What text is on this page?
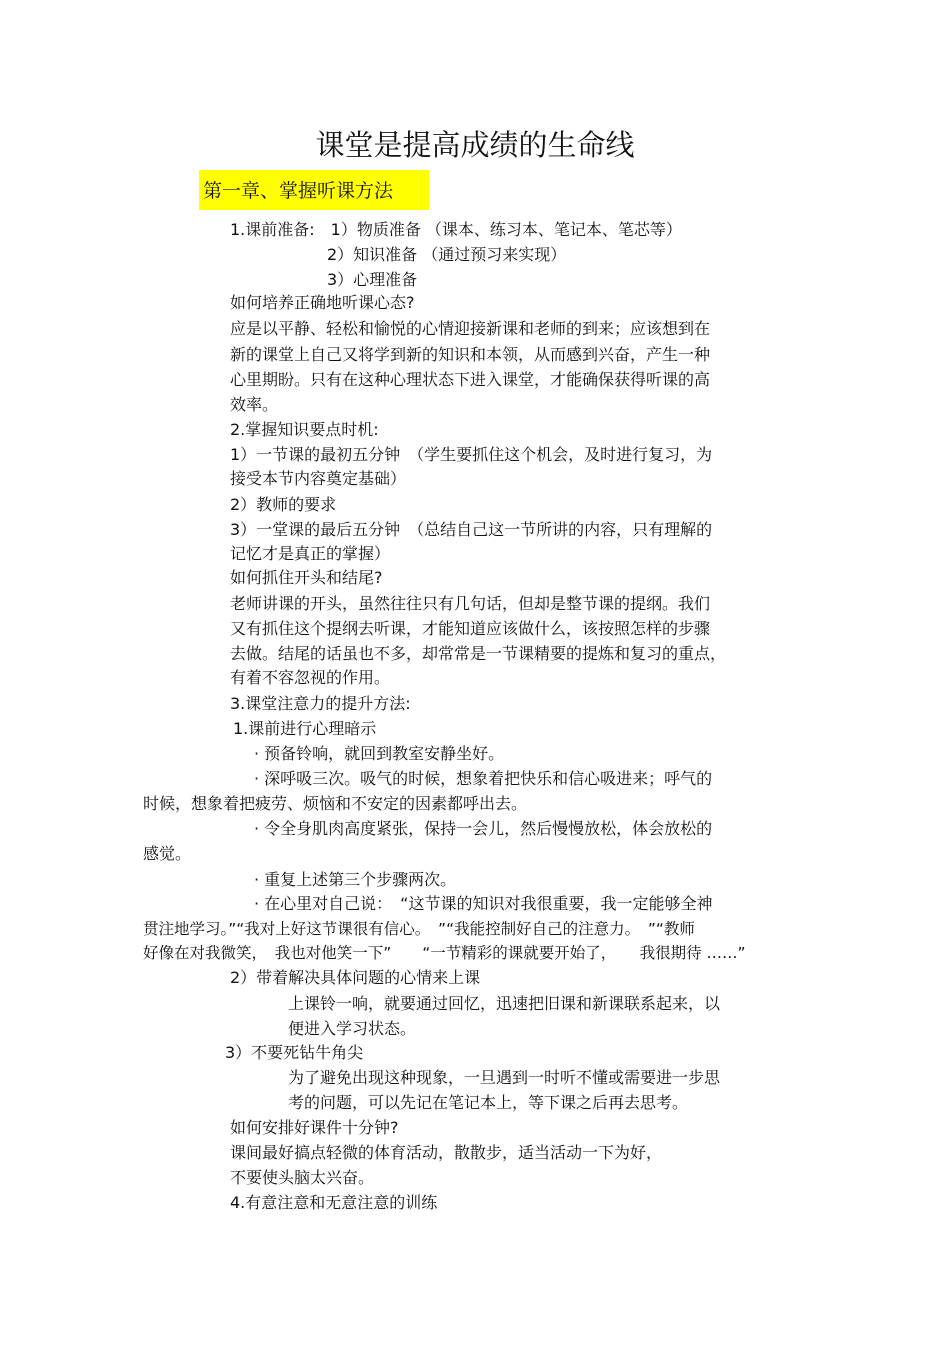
课堂是提高成绩的生命线
第一章、掌握听课方法
1.课前准备:　1）物质准备 （课本、练习本、笔记本、笔芯等）
2）知识准备 （通过预习来实现）
3）心理准备
如何培养正确地听课心态?
应是以平静、轻松和愉悦的心情迎接新课和老师的到来；应该想到在
新的课堂上自己又将学到新的知识和本领，从而感到兴奋，产生一种
心里期盼。只有在这种心理状态下进入课堂，才能确保获得听课的高
效率。
2.掌握知识要点时机:
1）一节课的最初五分钟　（学生要抓住这个机会，及时进行复习，为
接受本节内容奠定基础）
2）教师的要求
3）一堂课的最后五分钟　（总结自己这一节所讲的内容，只有理解的
记忆才是真正的掌握）
如何抓住开头和结尾?
老师讲课的开头，虽然往往只有几句话，但却是整节课的提纲。我们
又有抓住这个提纲去听课，才能知道应该做什么，该按照怎样的步骤
去做。结尾的话虽也不多，却常常是一节课精要的提炼和复习的重点，
有着不容忽视的作用。
3.课堂注意力的提升方法:
1.课前进行心理暗示
· 预备铃响，就回到教室安静坐好。
· 深呼吸三次。吸气的时候，想象着把快乐和信心吸进来；呼气的
时候，想象着把疲劳、烦恼和不安定的因素都呼出去。
· 令全身肌肉高度紧张，保持一会儿，然后慢慢放松，体会放松的
感觉。
· 重复上述第三个步骤两次。
· 在心里对自己说：　“这节课的知识对我很重要，我一定能够全神
贯注地学习。”“我对上好这节课很有信心。　”“我能控制好自己的注意力。　”“教师
好像在对我微笑，　我也对他笑一下”　　“一节精彩的课就要开始了，　　我很期待 ……”
2）带着解决具体问题的心情来上课
上课铃一响，就要通过回忆，迅速把旧课和新课联系起来，以
便进入学习状态。
3）不要死钻牛角尖
为了避免出现这种现象，一旦遇到一时听不懂或需要进一步思
考的问题，可以先记在笔记本上，等下课之后再去思考。
如何安排好课件十分钟?
课间最好搞点轻微的体育活动，散散步，适当活动一下为好，
不要使头脑太兴奋。
4.有意注意和无意注意的训练
